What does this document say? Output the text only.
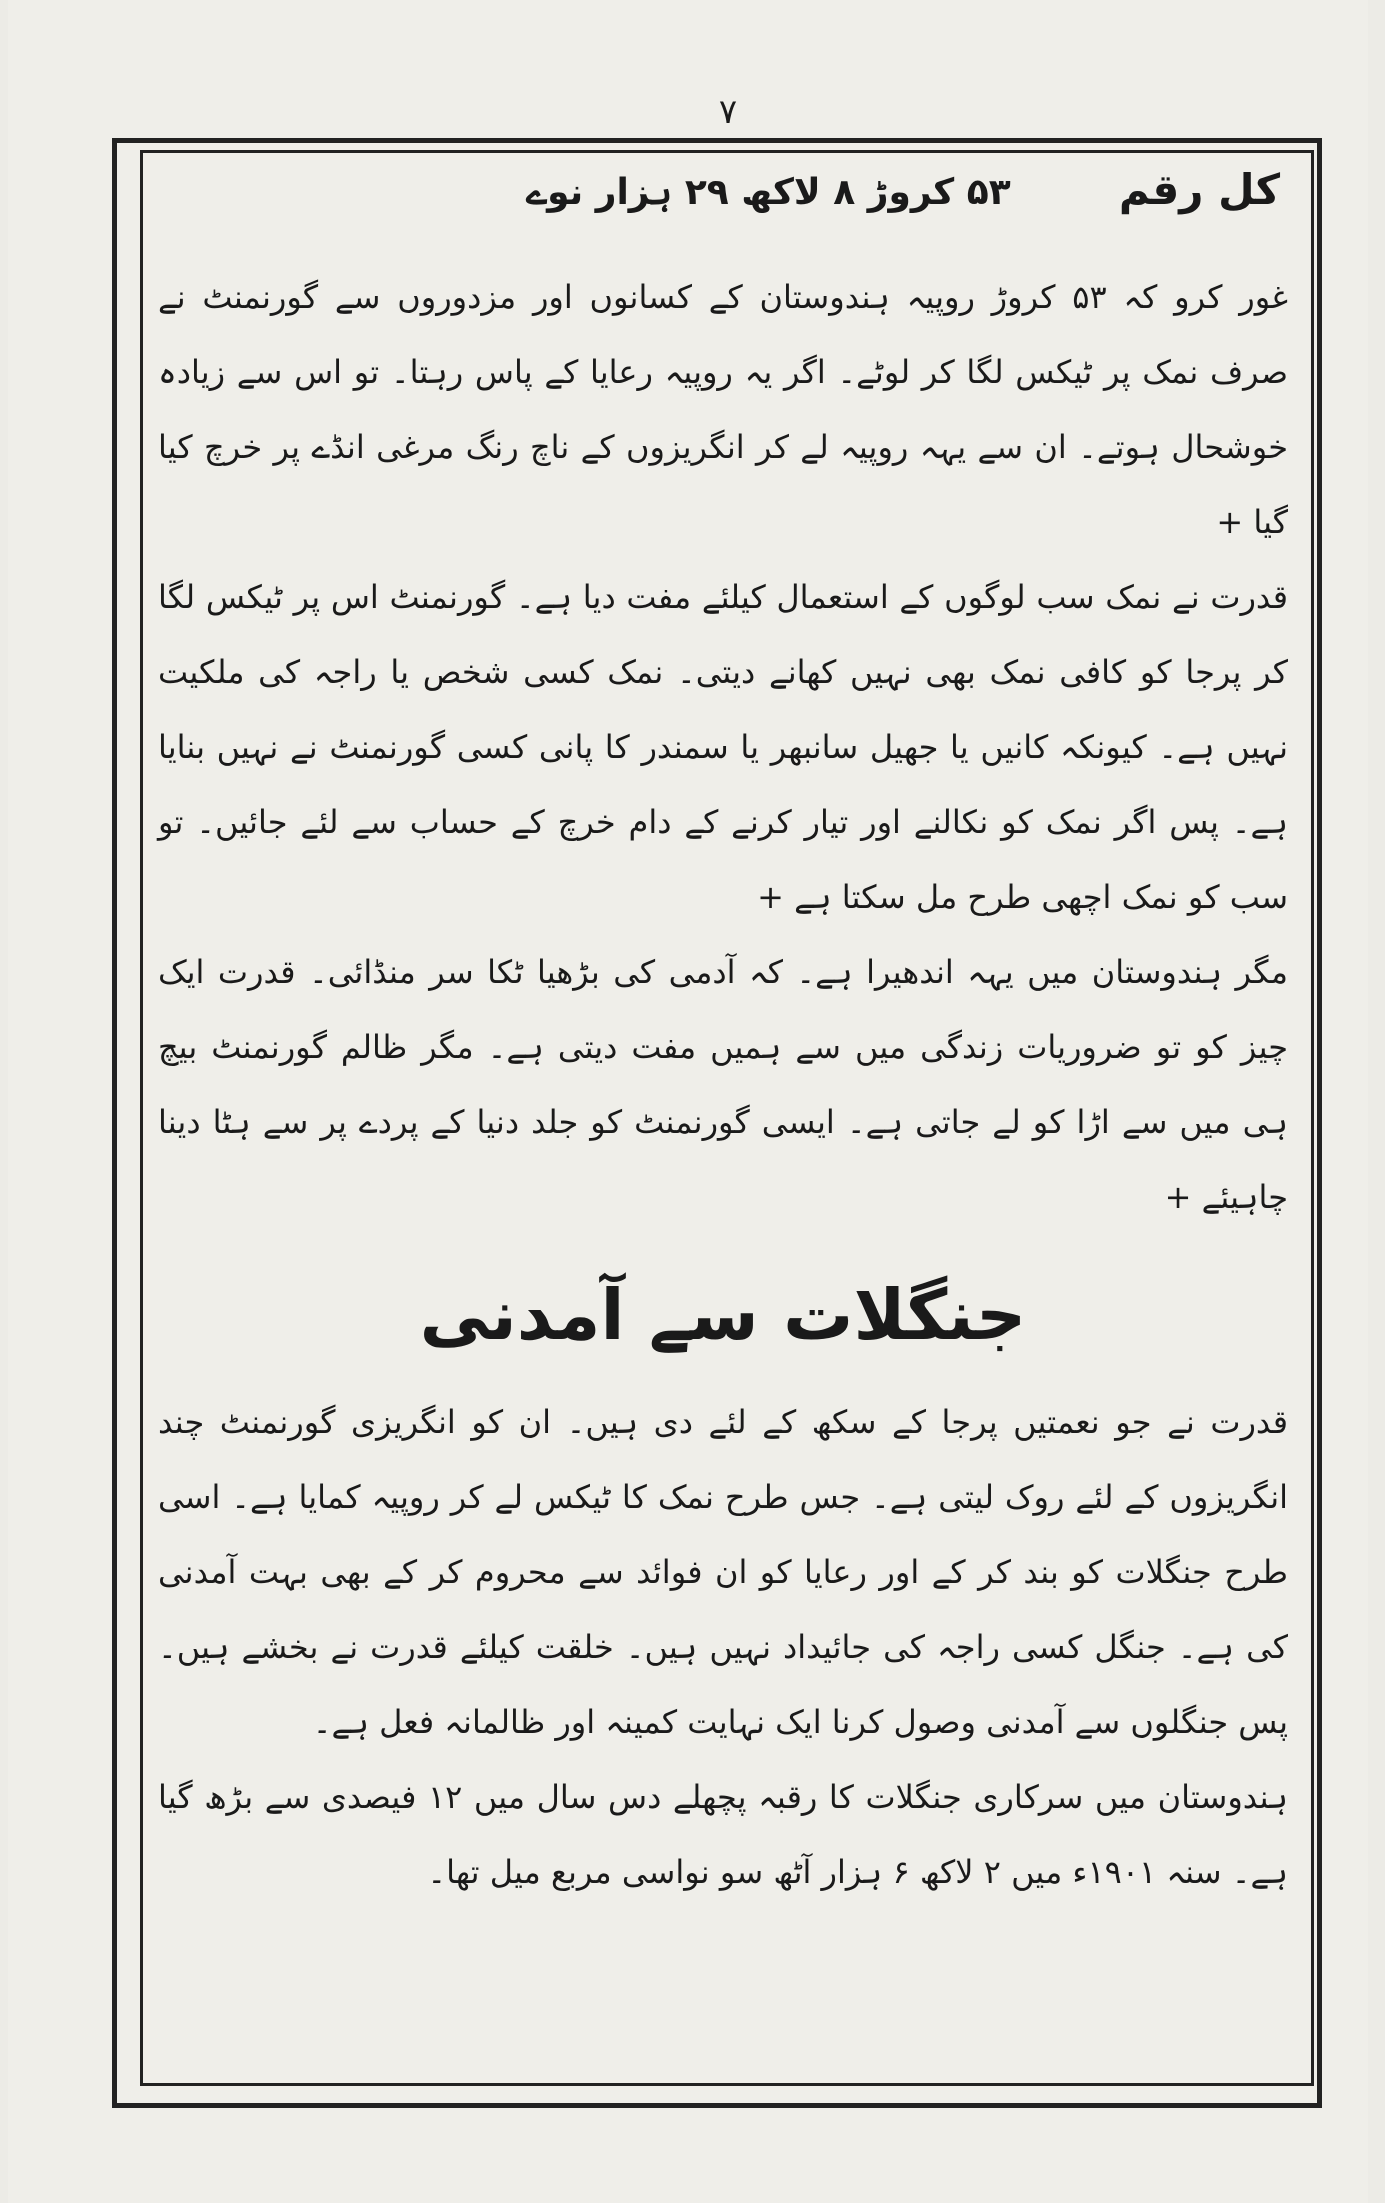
۷
کل رقم
۵۳ کروڑ ۸ لاکھ ۲۹ ہزار نوے

غور کرو کہ ۵۳ کروڑ روپیہ ہندوستان کے کسانوں اور مزدوروں سے گورنمنٹ نے صرف نمک پر ٹیکس لگا کر لوٹے۔ اگر یہ روپیہ رعایا کے پاس رہتا۔ تو اس سے زیادہ خوشحال ہوتے۔ ان سے یہہ روپیہ لے کر انگریزوں کے ناچ رنگ مرغی انڈے پر خرچ کیا گیا +

قدرت نے نمک سب لوگوں کے استعمال کیلئے مفت دیا ہے۔ گورنمنٹ اس پر ٹیکس لگا کر پرجا کو کافی نمک بھی نہیں کھانے دیتی۔ نمک کسی شخص یا راجہ کی ملکیت نہیں ہے۔ کیونکہ کانیں یا جھیل سانبھر یا سمندر کا پانی کسی گورنمنٹ نے نہیں بنایا ہے۔ پس اگر نمک کو نکالنے اور تیار کرنے کے دام خرچ کے حساب سے لئے جائیں۔ تو سب کو نمک اچھی طرح مل سکتا ہے +

مگر ہندوستان میں یہہ اندھیرا ہے۔ کہ آدمی کی بڑھیا ٹکا سر منڈائی۔ قدرت ایک چیز کو تو ضروریات زندگی میں سے ہمیں مفت دیتی ہے۔ مگر ظالم گورنمنٹ بیچ ہی میں سے اڑا کو لے جاتی ہے۔ ایسی گورنمنٹ کو جلد دنیا کے پردے پر سے ہٹا دینا چاہیئے +

جنگلات سے آمدنی

قدرت نے جو نعمتیں پرجا کے سکھ کے لئے دی ہیں۔ ان کو انگریزی گورنمنٹ چند انگریزوں کے لئے روک لیتی ہے۔ جس طرح نمک کا ٹیکس لے کر روپیہ کمایا ہے۔ اسی طرح جنگلات کو بند کر کے اور رعایا کو ان فوائد سے محروم کر کے بھی بہت آمدنی کی ہے۔ جنگل کسی راجہ کی جائیداد نہیں ہیں۔ خلقت کیلئے قدرت نے بخشے ہیں۔ پس جنگلوں سے آمدنی وصول کرنا ایک نہایت کمینہ اور ظالمانہ فعل ہے۔

ہندوستان میں سرکاری جنگلات کا رقبہ پچھلے دس سال میں ۱۲ فیصدی سے بڑھ گیا ہے۔ سنہ ۱۹۰۱ء میں ۲ لاکھ ۶ ہزار آٹھ سو نواسی مربع میل تھا۔
